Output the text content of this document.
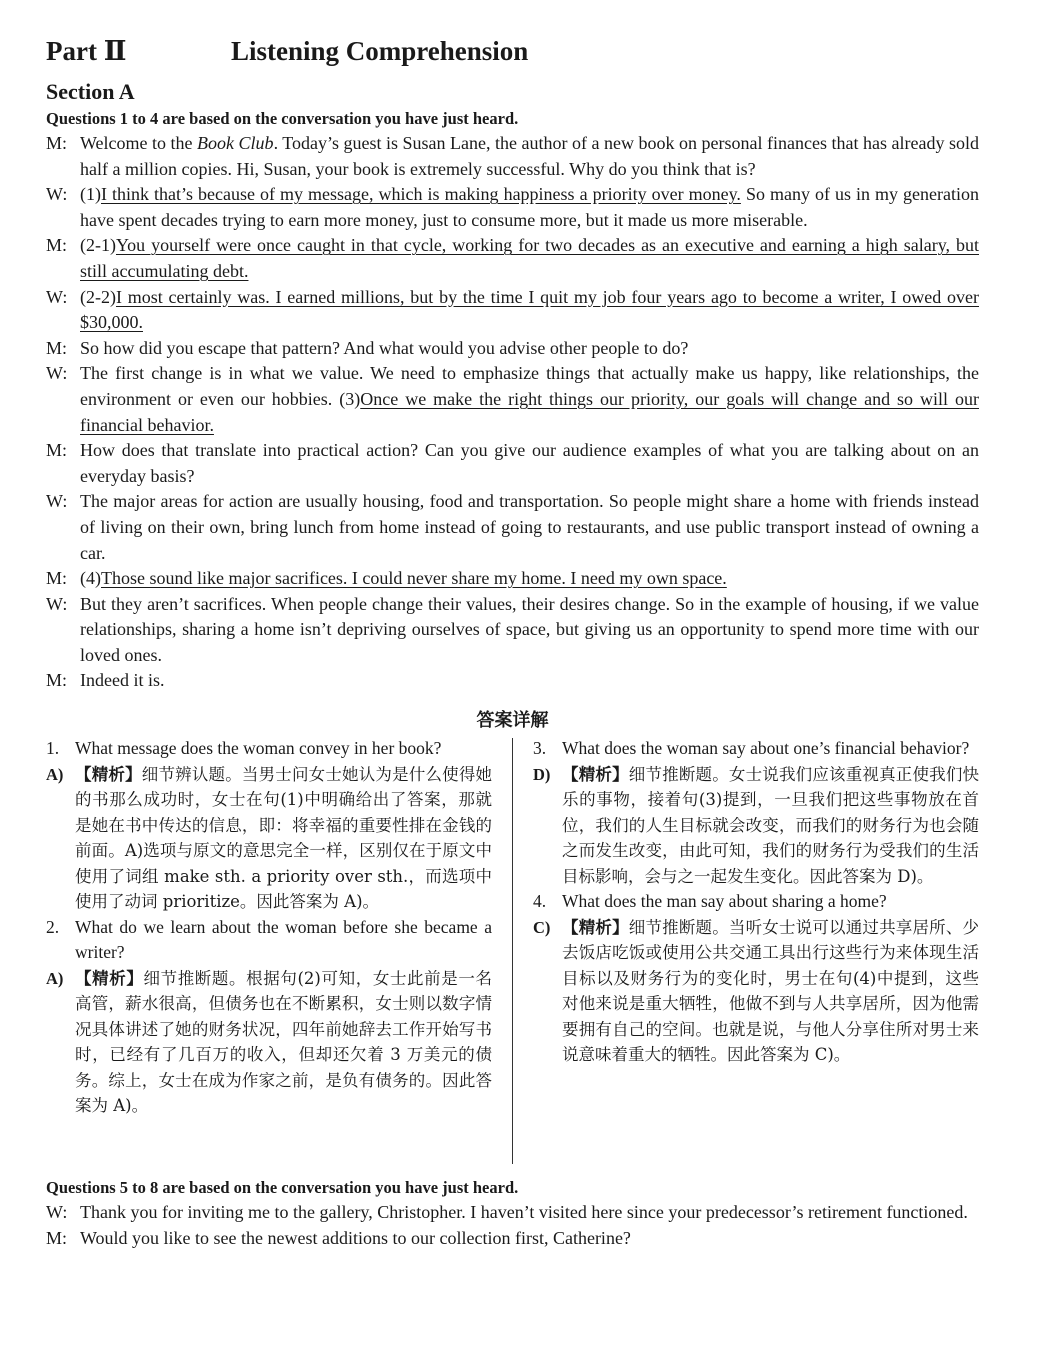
Part Ⅱ	Listening Comprehension
Section A
Questions 1 to 4 are based on the conversation you have just heard.
M: Welcome to the Book Club. Today’s guest is Susan Lane, the author of a new book on personal finances that has already sold half a million copies. Hi, Susan, your book is extremely successful. Why do you think that is?
W: (1)I think that’s because of my message, which is making happiness a priority over money. So many of us in my generation have spent decades trying to earn more money, just to consume more, but it made us more miserable.
M: (2-1)You yourself were once caught in that cycle, working for two decades as an executive and earning a high salary, but still accumulating debt.
W: (2-2)I most certainly was. I earned millions, but by the time I quit my job four years ago to become a writer, I owed over $30,000.
M: So how did you escape that pattern? And what would you advise other people to do?
W: The first change is in what we value. We need to emphasize things that actually make us happy, like relationships, the environment or even our hobbies. (3)Once we make the right things our priority, our goals will change and so will our financial behavior.
M: How does that translate into practical action? Can you give our audience examples of what you are talking about on an everyday basis?
W: The major areas for action are usually housing, food and transportation. So people might share a home with friends instead of living on their own, bring lunch from home instead of going to restaurants, and use public transport instead of owning a car.
M: (4)Those sound like major sacrifices. I could never share my home. I need my own space.
W: But they aren’t sacrifices. When people change their values, their desires change. So in the example of housing, if we value relationships, sharing a home isn’t depriving ourselves of space, but giving us an opportunity to spend more time with our loved ones.
M: Indeed it is.
答案详解
1. What message does the woman convey in her book?
A) 【精析】细节辨认题。当男士问女士她认为是什么使得她的书那么成功时，女士在句(1)中明确给出了答案，那就是她在书中传达的信息，即：将幸福的重要性排在金钱的前面。A)选项与原文的意思完全一样，区别仅在于原文中使用了词组 make sth. a priority over sth.，而选项中使用了动词 prioritize。因此答案为 A)。
2. What do we learn about the woman before she became a writer?
A) 【精析】细节推断题。根据句(2)可知，女士此前是一名高管，薪水很高，但债务也在不断累积，女士则以数字情况具体讲述了她的财务状况，四年前她辞去工作开始写书时，已经有了几百万的收入，但却还欠着 3 万美元的债务。综上，女士在成为作家之前，是负有债务的。因此答案为 A)。
3. What does the woman say about one’s financial behavior?
D) 【精析】细节推断题。女士说我们应该重视真正使我们快乐的事物，接着句(3)提到，一旦我们把这些事物放在首位，我们的人生目标就会改变，而我们的财务行为也会随之而发生改变，由此可知，我们的财务行为受我们的生活目标影响，会与之一起发生变化。因此答案为 D)。
4. What does the man say about sharing a home?
C) 【精析】细节推断题。当听女士说可以通过共享居所、少去饭店吃饭或使用公共交通工具出行这些行为来体现生活目标以及财务行为的变化时，男士在句(4)中提到，这些对他来说是重大牺牲，他做不到与人共享居所，因为他需要拥有自己的空间。也就是说，与他人分享住所对男士来说意味着重大的牺牲。因此答案为 C)。
Questions 5 to 8 are based on the conversation you have just heard.
W: Thank you for inviting me to the gallery, Christopher. I haven’t visited here since your predecessor’s retirement functioned.
M: Would you like to see the newest additions to our collection first, Catherine?
